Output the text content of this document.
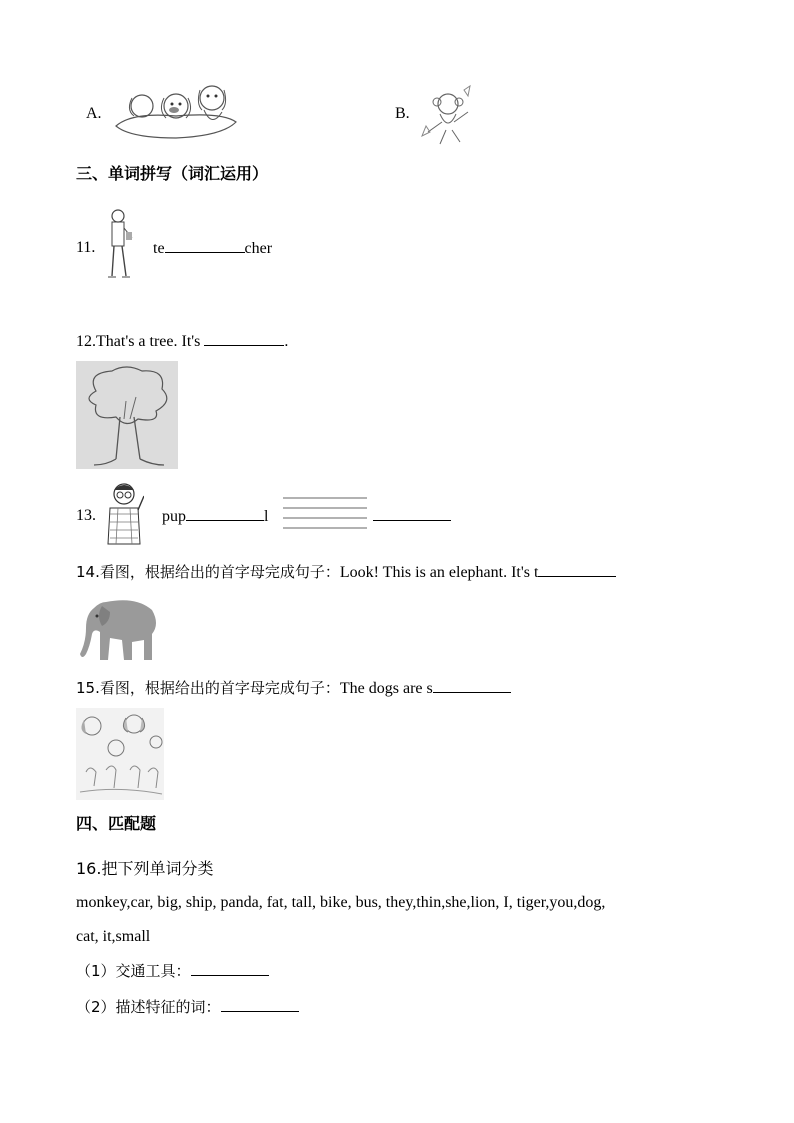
A.	B.
三、单词拼写（词汇运用）
11.	te	cher
12.That's a tree. It's	.
13.	pup	l
14.看图，根据给出的首字母完成句子：Look! This is an elephant. It's t
15.看图，根据给出的首字母完成句子：The dogs are s
四、匹配题
16.把下列单词分类
monkey,car, big, ship, panda, fat, tall, bike, bus, they,thin,she,lion, I, tiger,you,dog,
cat, it,small
（1）交通工具：
（2）描述特征的词：
